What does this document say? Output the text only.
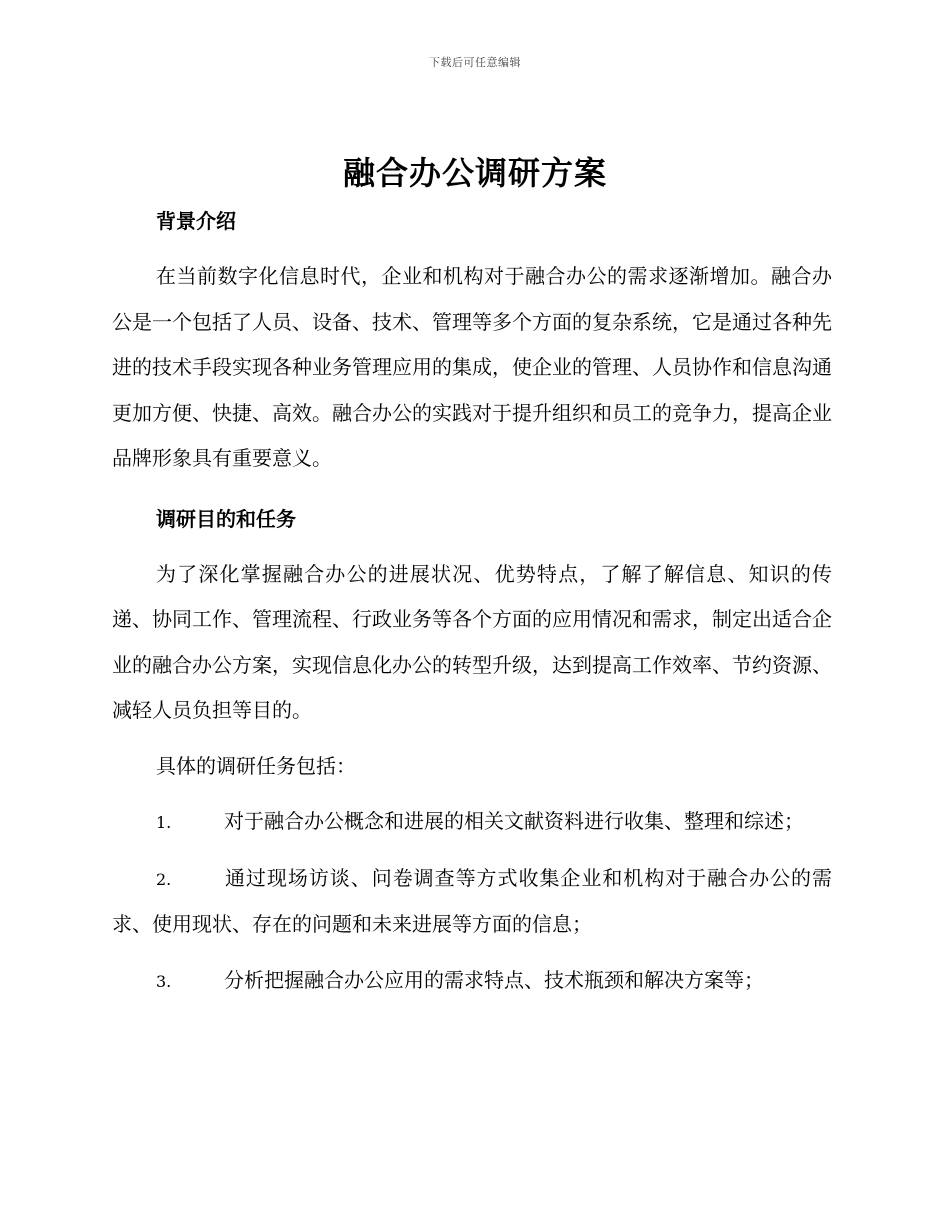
下载后可任意编辑
融合办公调研方案

背景介绍

在当前数字化信息时代，企业和机构对于融合办公的需求逐渐增加。融合办公是一个包括了人员、设备、技术、管理等多个方面的复杂系统，它是通过各种先进的技术手段实现各种业务管理应用的集成，使企业的管理、人员协作和信息沟通更加方便、快捷、高效。融合办公的实践对于提升组织和员工的竞争力，提高企业品牌形象具有重要意义。

调研目的和任务

为了深化掌握融合办公的进展状况、优势特点，了解了解信息、知识的传递、协同工作、管理流程、行政业务等各个方面的应用情况和需求，制定出适合企业的融合办公方案，实现信息化办公的转型升级，达到提高工作效率、节约资源、减轻人员负担等目的。

具体的调研任务包括：

1.	对于融合办公概念和进展的相关文献资料进行收集、整理和综述；

2.	通过现场访谈、问卷调查等方式收集企业和机构对于融合办公的需求、使用现状、存在的问题和未来进展等方面的信息；

3.	分析把握融合办公应用的需求特点、技术瓶颈和解决方案等；
